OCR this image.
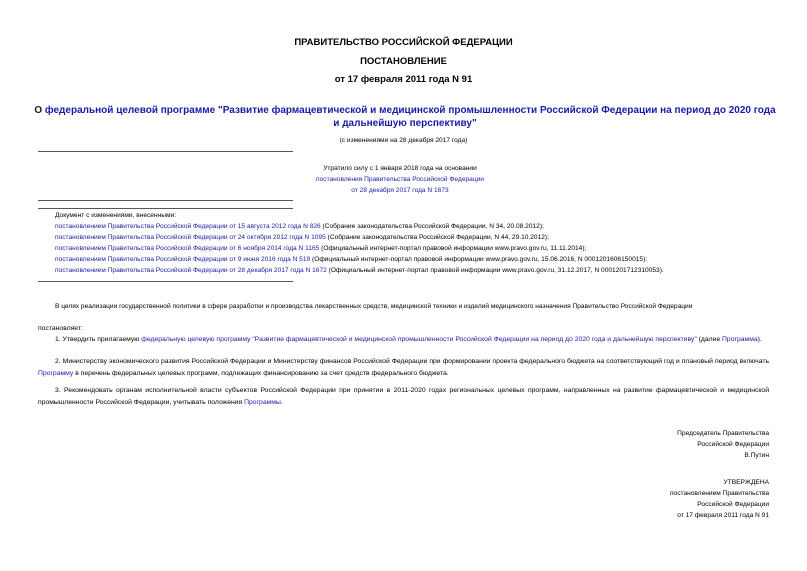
ПРАВИТЕЛЬСТВО РОССИЙСКОЙ ФЕДЕРАЦИИ
ПОСТАНОВЛЕНИЕ
от 17 февраля 2011 года N 91
О федеральной целевой программе "Развитие фармацевтической и медицинской промышленности Российской Федерации на период до 2020 года и дальнейшую перспективу"
(с изменениями на 28 декабря 2017 года)
Утратило силу с 1 января 2018 года на основании
постановления Правительства Российской Федерации
от 28 декабря 2017 года N 1673
Документ с изменениями, внесенными:
постановлением Правительства Российской Федерации от 15 августа 2012 года N 826 (Собрание законодательства Российской Федерации, N 34, 20.08.2012);
постановлением Правительства Российской Федерации от 24 октября 2012 года N 1095 (Собрание законодательства Российской Федерации, N 44, 29.10.2012);
постановлением Правительства Российской Федерации от 6 ноября 2014 года N 1165 (Официальный интернет-портал правовой информации www.pravo.gov.ru, 11.11.2014);
постановлением Правительства Российской Федерации от 9 июня 2016 года N 519 (Официальный интернет-портал правовой информации www.pravo.gov.ru, 15.06.2016, N 0001201606150015);
постановлением Правительства Российской Федерации от 28 декабря 2017 года N 1672 (Официальный интернет-портал правовой информации www.pravo.gov.ru, 31.12.2017, N 0001201712310053).
В целях реализации государственной политики в сфере разработки и производства лекарственных средств, медицинской техники и изделий медицинского назначения Правительство Российской Федерации
постановляет:
1. Утвердить прилагаемую федеральную целевую программу "Развитие фармацевтической и медицинской промышленности Российской Федерации на период до 2020 года и дальнейшую перспективу" (далее Программа).
2. Министерству экономического развития Российской Федерации и Министерству финансов Российской Федерации при формировании проекта федерального бюджета на соответствующий год и плановый период включать Программу в перечень федеральных целевых программ, подлежащих финансированию за счет средств федерального бюджета.
3. Рекомендовать органам исполнительной власти субъектов Российской Федерации при принятии в 2011-2020 годах региональных целевых программ, направленных на развитие фармацевтической и медицинской промышленности Российской Федерации, учитывать положения Программы.
Председатель Правительства
Российской Федерации
В.Путин
УТВЕРЖДЕНА
постановлением Правительства
Российской Федерации
от 17 февраля 2011 года N 91
